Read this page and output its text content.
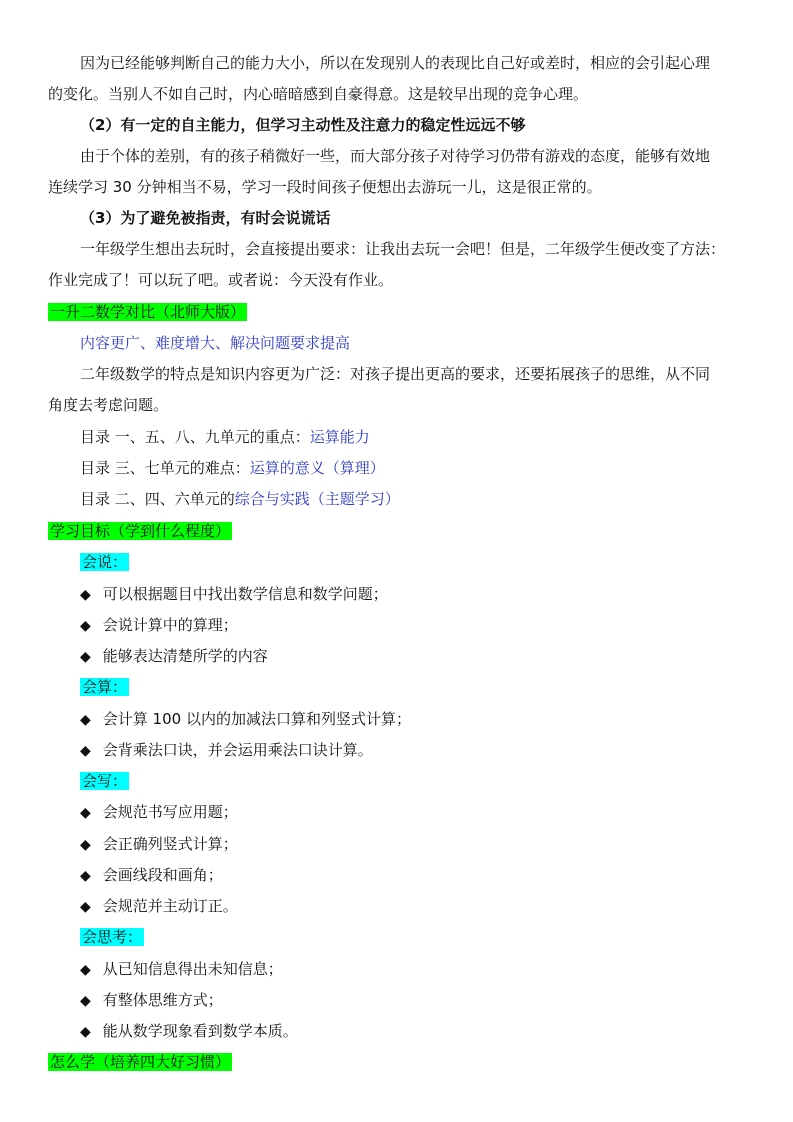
因为已经能够判断自己的能力大小，所以在发现别人的表现比自己好或差时，相应的会引起心理
的变化。当别人不如自己时，内心暗暗感到自豪得意。这是较早出现的竞争心理。
（2）有一定的自主能力，但学习主动性及注意力的稳定性远远不够
由于个体的差别，有的孩子稍微好一些，而大部分孩子对待学习仍带有游戏的态度，能够有效地
连续学习 30 分钟相当不易，学习一段时间孩子便想出去游玩一儿，这是很正常的。
（3）为了避免被指责，有时会说谎话
一年级学生想出去玩时，会直接提出要求：让我出去玩一会吧！但是，二年级学生便改变了方法：
作业完成了！可以玩了吧。或者说：今天没有作业。
一升二数学对比（北师大版）
内容更广、难度增大、解决问题要求提高
二年级数学的特点是知识内容更为广泛：对孩子提出更高的要求，还要拓展孩子的思维，从不同
角度去考虑问题。
目录 一、五、八、九单元的重点：运算能力
目录 三、七单元的难点：运算的意义（算理）
目录 二、四、六单元的综合与实践（主题学习）
学习目标（学到什么程度）
会说：
◆ 可以根据题目中找出数学信息和数学问题；
◆ 会说计算中的算理；
◆ 能够表达清楚所学的内容
会算：
◆ 会计算 100 以内的加减法口算和列竖式计算；
◆ 会背乘法口诀，并会运用乘法口诀计算。
会写：
◆ 会规范书写应用题；
◆ 会正确列竖式计算；
◆ 会画线段和画角；
◆ 会规范并主动订正。
会思考：
◆ 从已知信息得出未知信息；
◆ 有整体思维方式；
◆ 能从数学现象看到数学本质。
怎么学（培养四大好习惯）
